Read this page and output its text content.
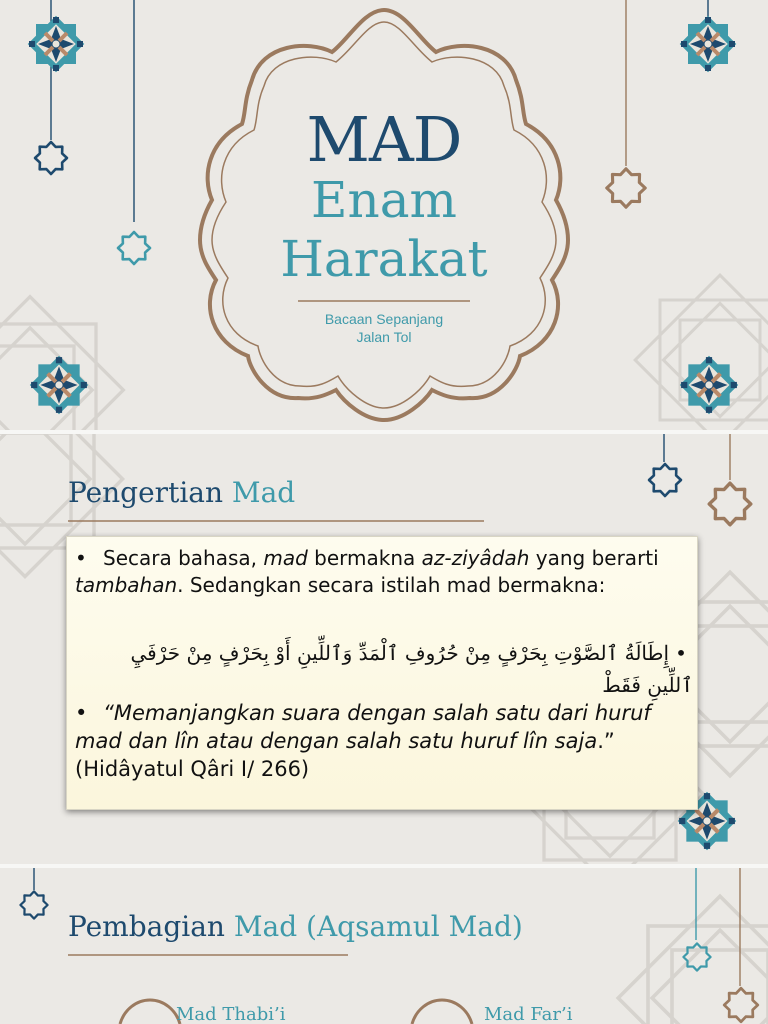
MAD
Enam
Harakat
Bacaan Sepanjang
Jalan Tol
Pengertian Mad
• Secara bahasa, mad bermakna az-ziyâdah yang berarti tambahan. Sedangkan secara istilah mad bermakna:
•إِطَالَةُ ٱلصَّوْتِ بِحَرْفٍ مِنْ حُرُوفِ ٱلْمَدِّ وَٱللِّينِ أَوْ بِحَرْفٍ مِنْ حَرْفَيِ ٱللِّينِ فَقَطْ
• “Memanjangkan suara dengan salah satu dari huruf mad dan lîn atau dengan salah satu huruf lîn saja.” (Hidâyatul Qâri I/ 266)
Pembagian Mad (Aqsamul Mad)
Mad Thabi’i	Mad Far’i
